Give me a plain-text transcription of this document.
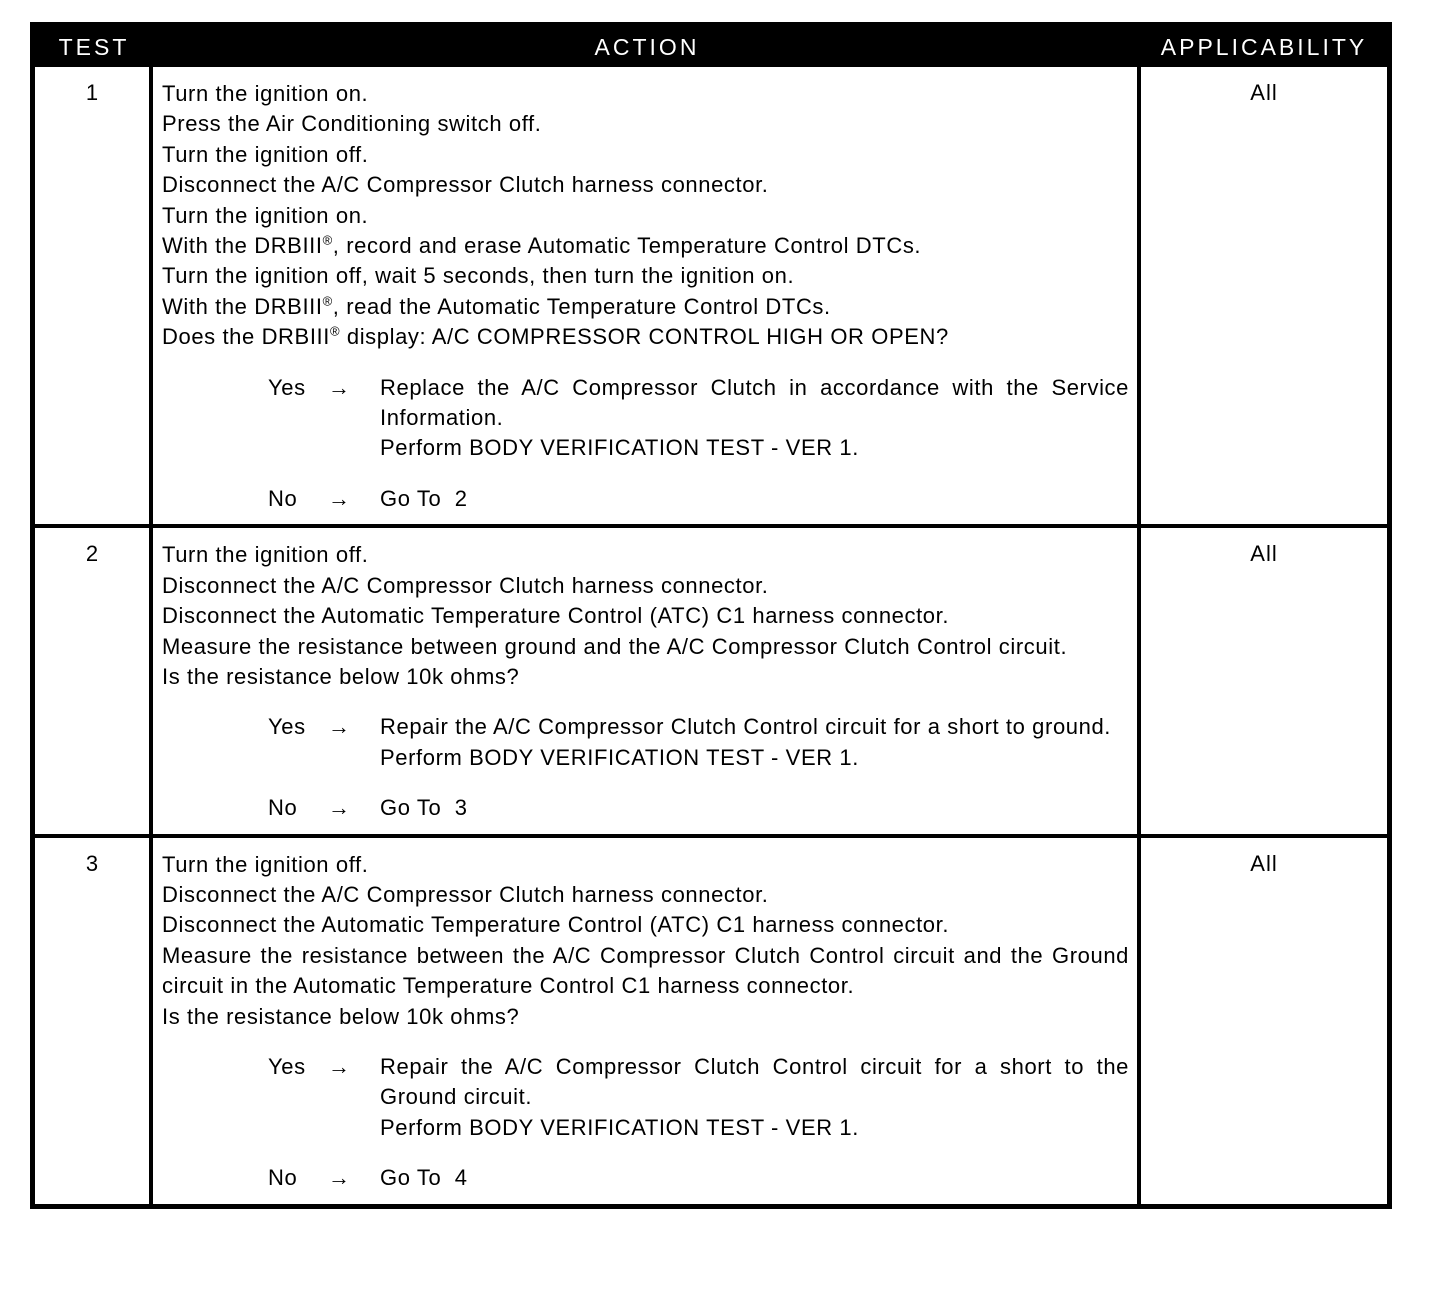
TEST	ACTION	APPLICABILITY
1	Turn the ignition on.
Press the Air Conditioning switch off.
Turn the ignition off.
Disconnect the A/C Compressor Clutch harness connector.
Turn the ignition on.
With the DRBIII®, record and erase Automatic Temperature Control DTCs.
Turn the ignition off, wait 5 seconds, then turn the ignition on.
With the DRBIII®, read the Automatic Temperature Control DTCs.
Does the DRBIII® display: A/C COMPRESSOR CONTROL HIGH OR OPEN?
Yes	→	Replace the A/C Compressor Clutch in accordance with the Service Information.
Perform BODY VERIFICATION TEST - VER 1.
No	→	Go To  2
All
2	Turn the ignition off.
Disconnect the A/C Compressor Clutch harness connector.
Disconnect the Automatic Temperature Control (ATC) C1 harness connector.
Measure the resistance between ground and the A/C Compressor Clutch Control circuit.
Is the resistance below 10k ohms?
Yes	→	Repair the A/C Compressor Clutch Control circuit for a short to ground.
Perform BODY VERIFICATION TEST - VER 1.
No	→	Go To  3
All
3	Turn the ignition off.
Disconnect the A/C Compressor Clutch harness connector.
Disconnect the Automatic Temperature Control (ATC) C1 harness connector.
Measure the resistance between the A/C Compressor Clutch Control circuit and the Ground circuit in the Automatic Temperature Control C1 harness connector.
Is the resistance below 10k ohms?
Yes	→	Repair the A/C Compressor Clutch Control circuit for a short to the Ground circuit.
Perform BODY VERIFICATION TEST - VER 1.
No	→	Go To  4
All
